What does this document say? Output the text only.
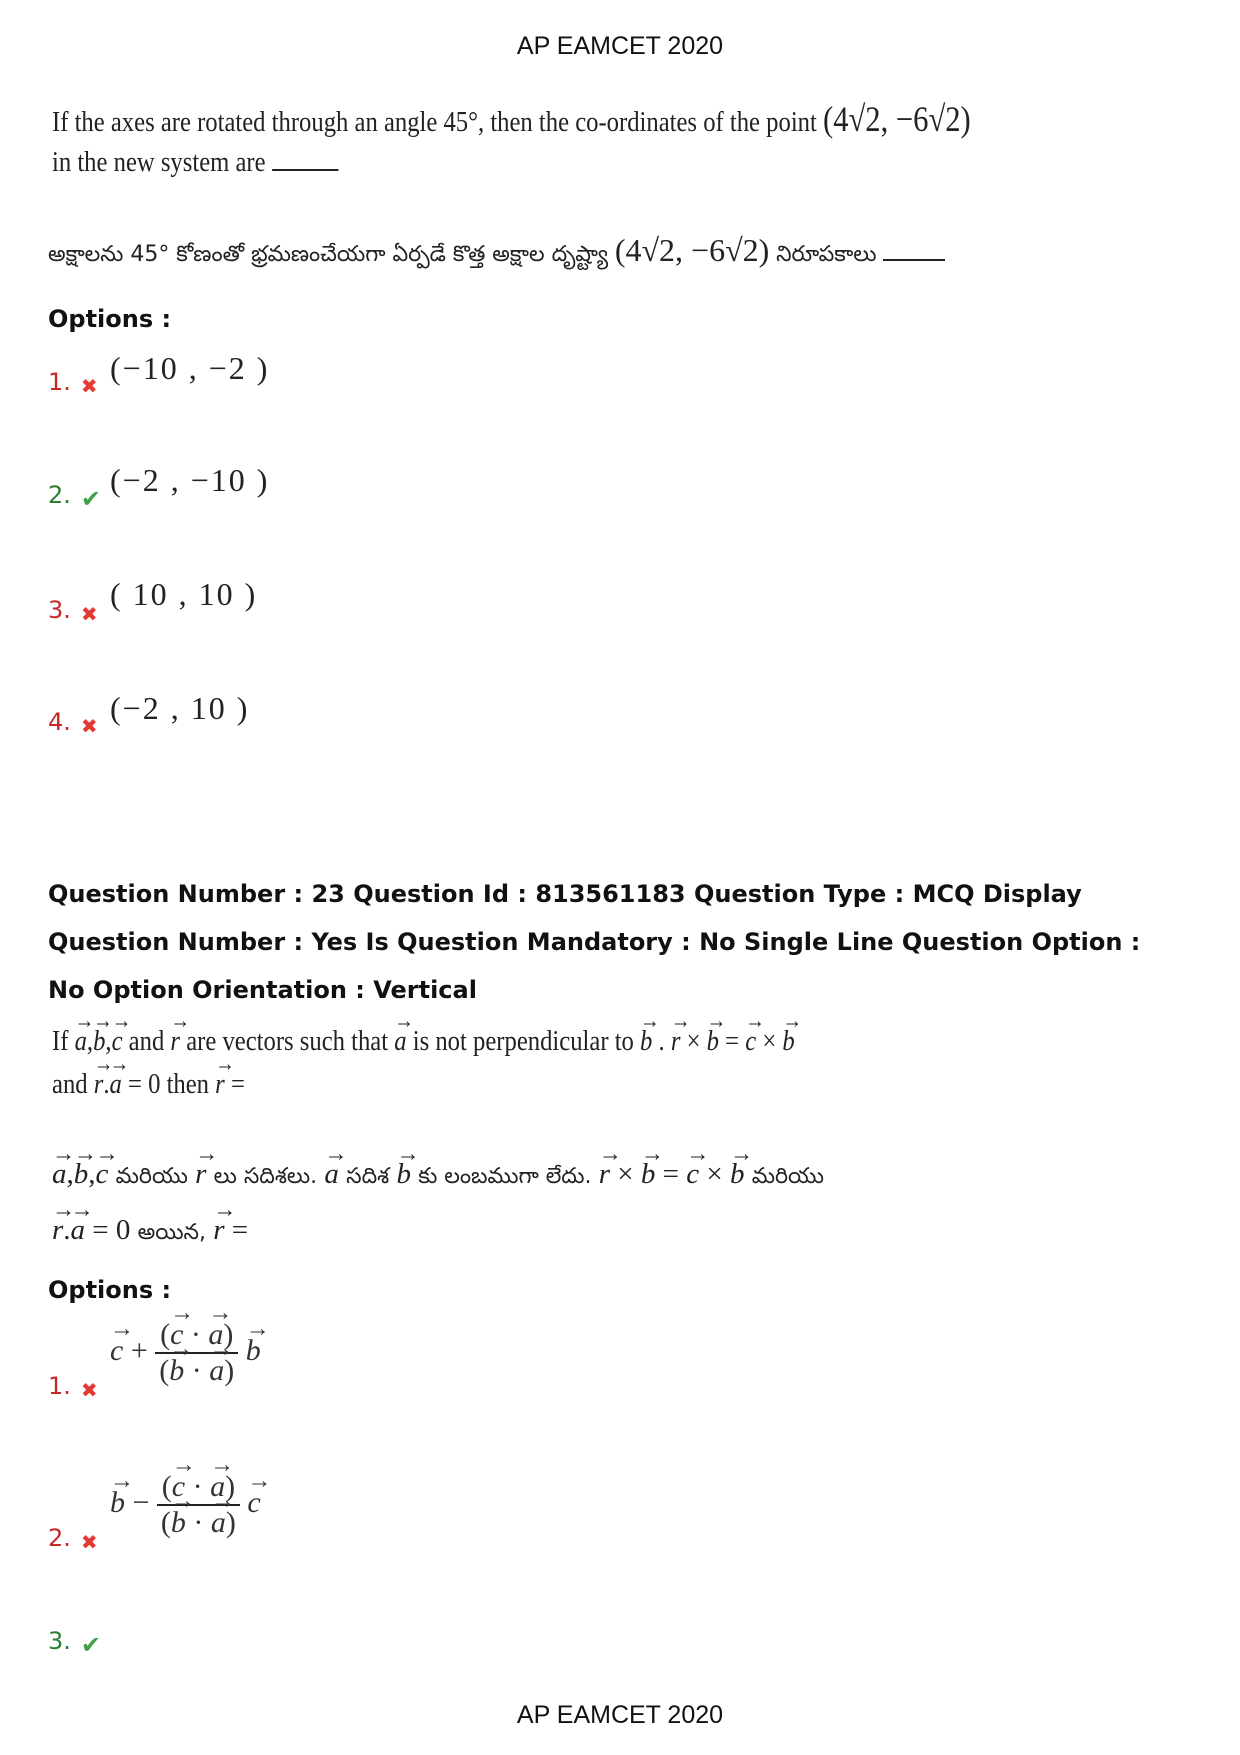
AP EAMCET 2020
If the axes are rotated through an angle 45°, then the co-ordinates of the point (4√2, −6√2)
in the new system are
అక్షాలను 45° కోణంతో భ్రమణంచేయగా ఏర్పడే కొత్త అక్షాల దృష్ట్యా (4√2, −6√2) నిరూపకాలు
Options :
1. ✖ (−10 , −2 )
2. ✔
(−2 , −10 )
3. ✖
( 10 , 10 )
4. ✖ (−2 , 10 )
Question Number : 23 Question Id : 813561183 Question Type : MCQ Display Question Number : Yes Is Question Mandatory : No Single Line Question Option : No Option Orientation : Vertical
If → a,→ b,→ c and → r are vectors such that → a is not perpendicular to → b . → r × → b = → c × → b
and → r.→ a = 0 then → r =
→ a,→ b,→ c మరియు → r లు సదిశలు. → a సదిశ → b కు లంబముగా లేదు. → r × → b = → c × → b మరియు
→ r.→ a = 0 అయిన, → r =
Options :
1. ✖
→ $c + \frac{(\to c \cdot \to a)}{(\to b \cdot \to a)}$
→ b
2. ✖
→ $b - \frac{(\to c \cdot \to a)}{(\to b \cdot \to a)}$
→ c
3. ✔
AP EAMCET 2020
